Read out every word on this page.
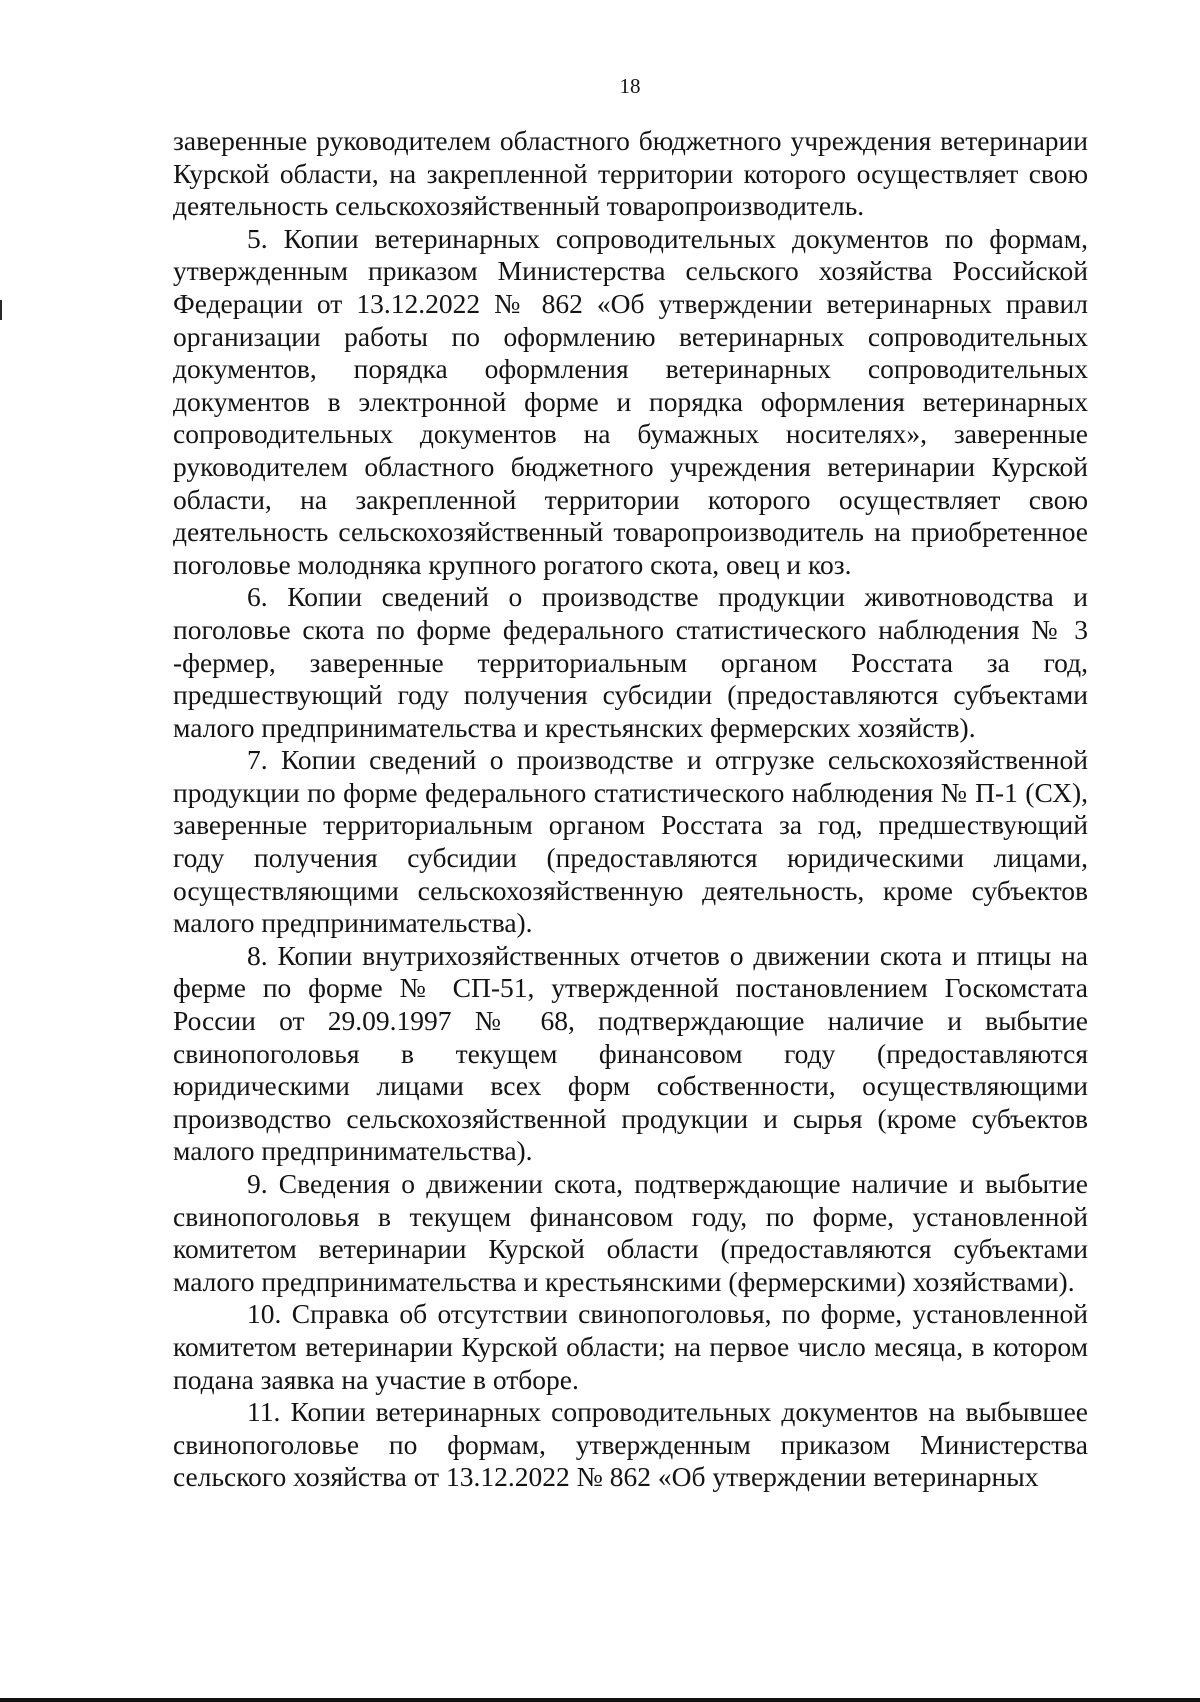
18

заверенные руководителем областного бюджетного учреждения ветеринарии Курской области, на закрепленной территории которого осуществляет свою деятельность сельскохозяйственный товаропроизводитель.

5. Копии ветеринарных сопроводительных документов по формам, утвержденным приказом Министерства сельского хозяйства Российской Федерации от 13.12.2022 № 862 «Об утверждении ветеринарных правил организации работы по оформлению ветеринарных сопроводительных документов, порядка оформления ветеринарных сопроводительных документов в электронной форме и порядка оформления ветеринарных сопроводительных документов на бумажных носителях», заверенные руководителем областного бюджетного учреждения ветеринарии Курской области, на закрепленной территории которого осуществляет свою деятельность сельскохозяйственный товаропроизводитель на приобретенное поголовье молодняка крупного рогатого скота, овец и коз.

6. Копии сведений о производстве продукции животноводства и поголовье скота по форме федерального статистического наблюдения № 3 -фермер, заверенные территориальным органом Росстата за год, предшествующий году получения субсидии (предоставляются субъектами малого предпринимательства и крестьянских фермерских хозяйств).

7. Копии сведений о производстве и отгрузке сельскохозяйственной продукции по форме федерального статистического наблюдения № П-1 (СХ), заверенные территориальным органом Росстата за год, предшествующий году получения субсидии (предоставляются юридическими лицами, осуществляющими сельскохозяйственную деятельность, кроме субъектов малого предпринимательства).

8. Копии внутрихозяйственных отчетов о движении скота и птицы на ферме по форме № СП-51, утвержденной постановлением Госкомстата России от 29.09.1997 № 68, подтверждающие наличие и выбытие свинопоголовья в текущем финансовом году (предоставляются юридическими лицами всех форм собственности, осуществляющими производство сельскохозяйственной продукции и сырья (кроме субъектов малого предпринимательства).

9. Сведения о движении скота, подтверждающие наличие и выбытие свинопоголовья в текущем финансовом году, по форме, установленной комитетом ветеринарии Курской области (предоставляются субъектами малого предпринимательства и крестьянскими (фермерскими) хозяйствами).

10. Справка об отсутствии свинопоголовья, по форме, установленной комитетом ветеринарии Курской области; на первое число месяца, в котором подана заявка на участие в отборе.

11. Копии ветеринарных сопроводительных документов на выбывшее свинопоголовье по формам, утвержденным приказом Министерства сельского хозяйства от 13.12.2022 № 862 «Об утверждении ветеринарных
